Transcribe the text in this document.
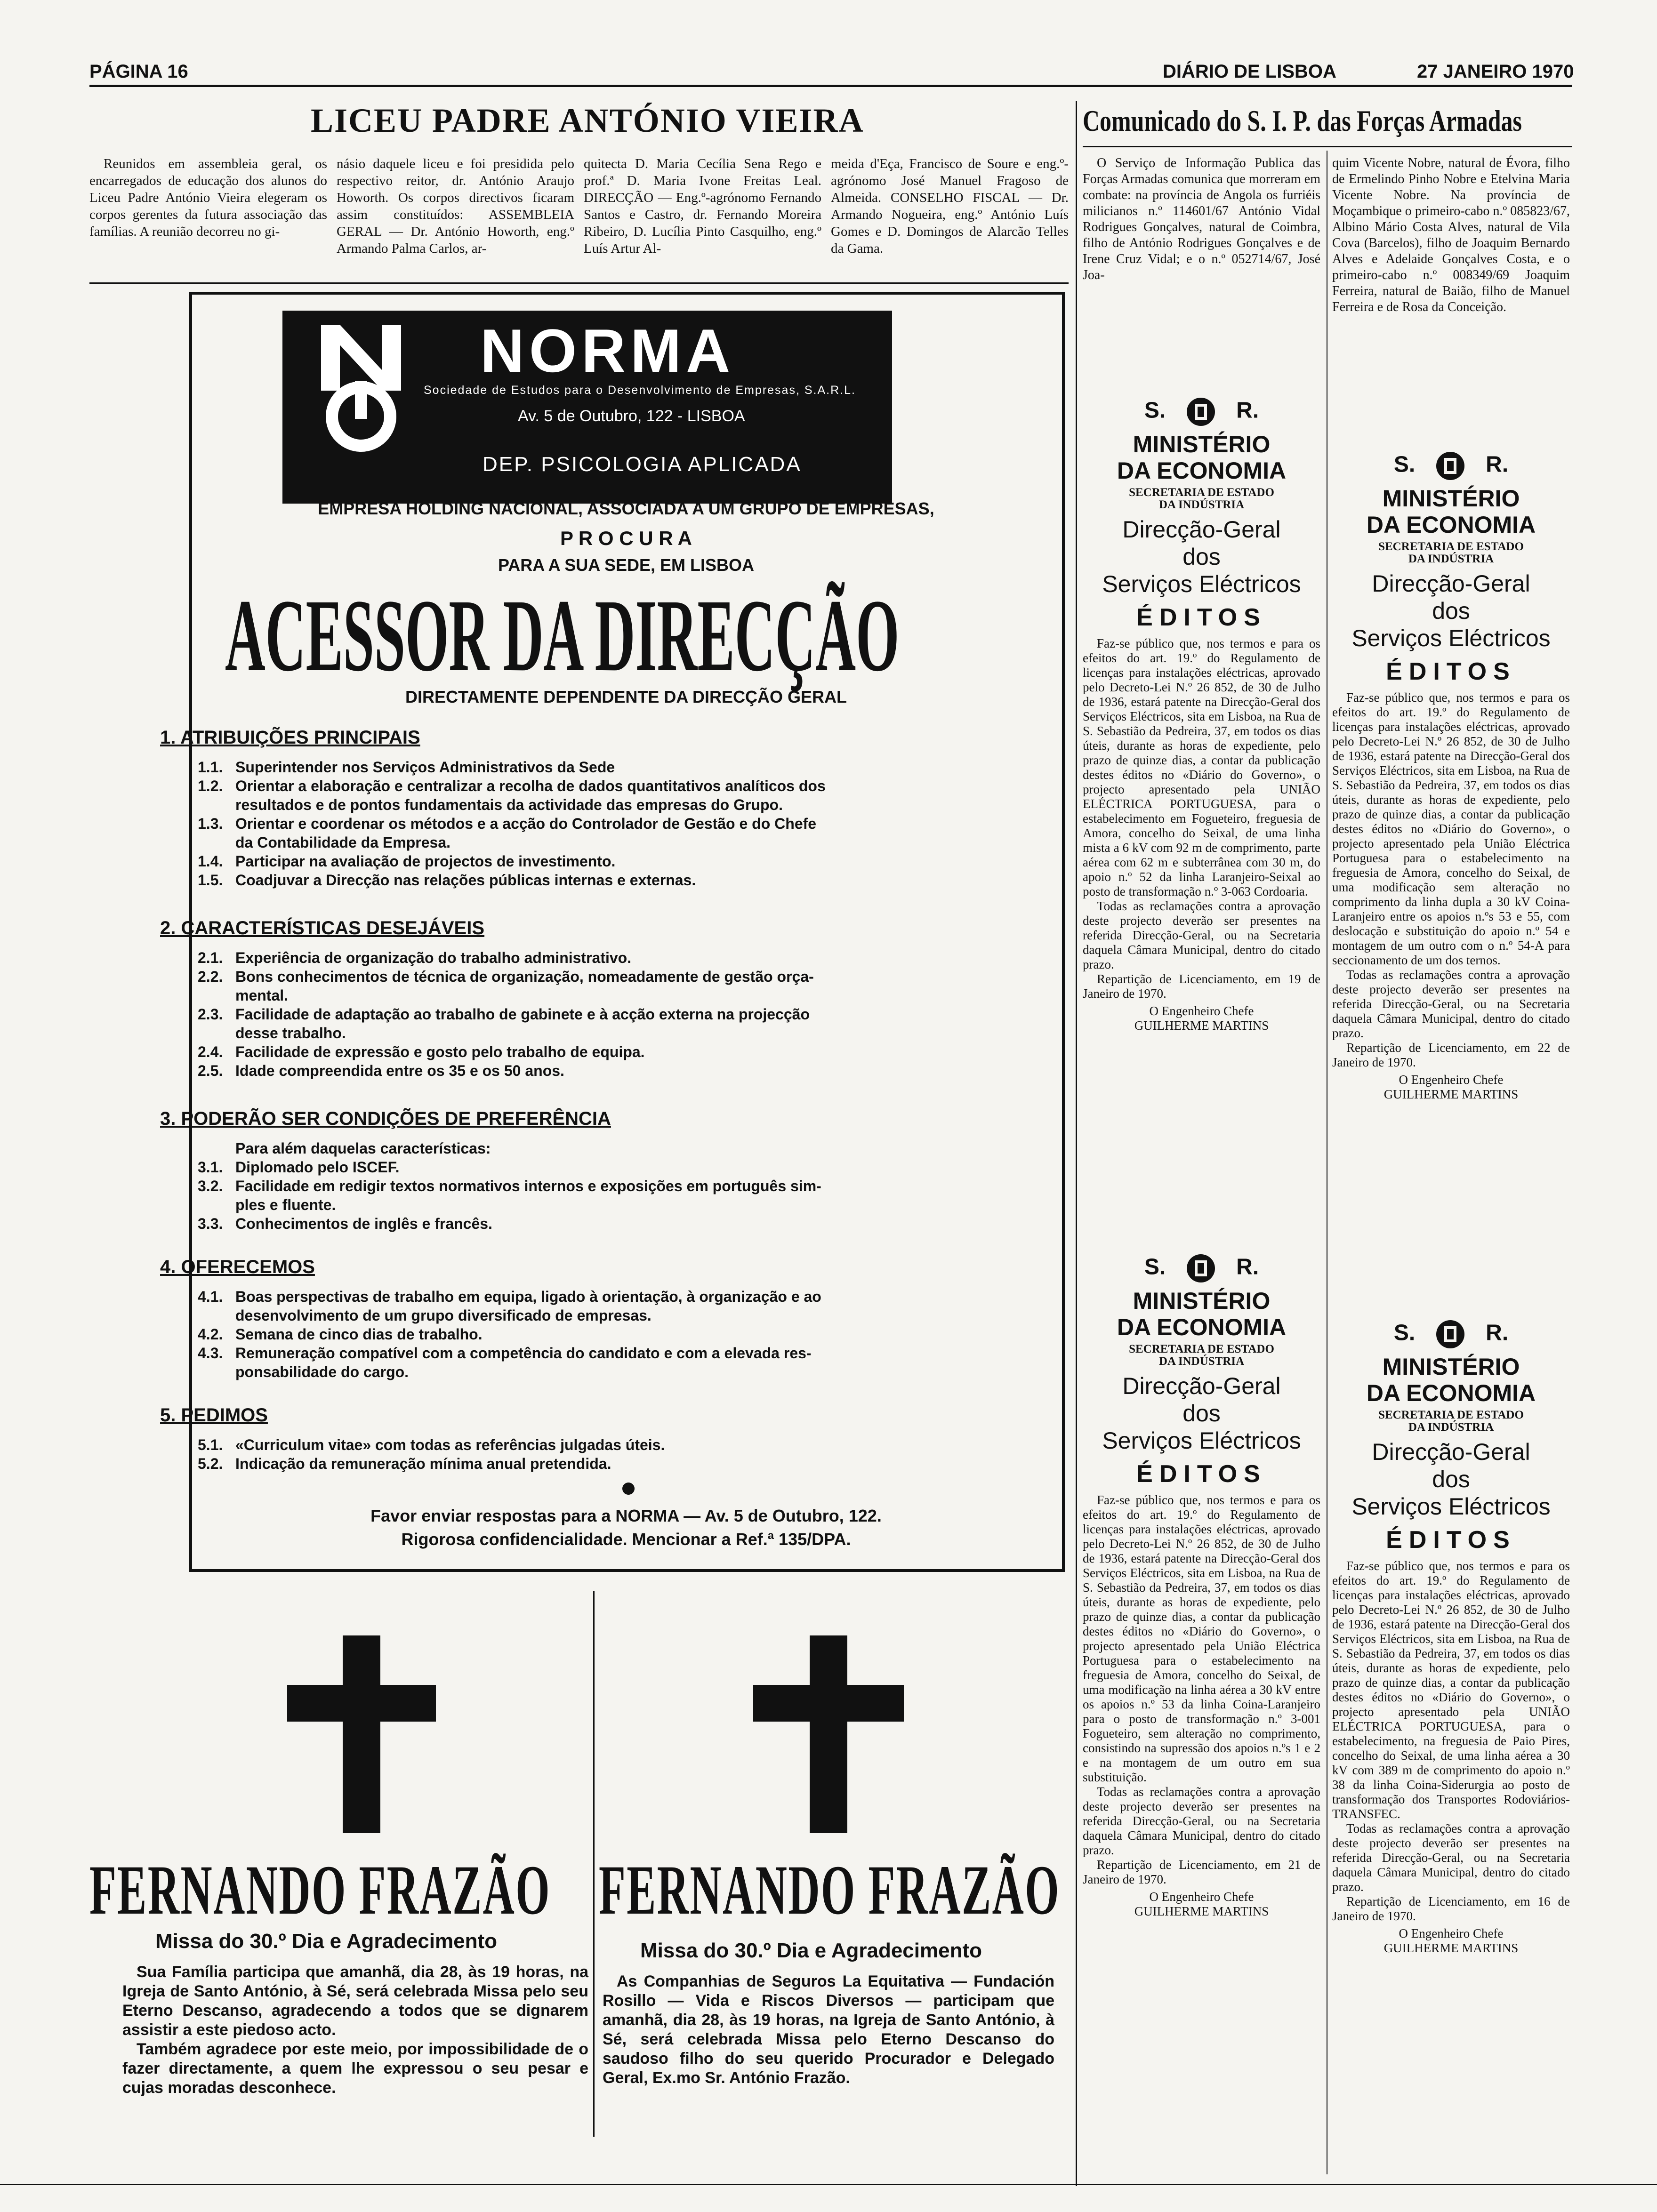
PÁGINA 16	DIÁRIO DE LISBOA	27 JANEIRO 1970
LICEU PADRE ANTÓNIO VIEIRA

Reunidos em assembleia geral, os encarregados de educação dos alunos do Liceu Padre António Vieira elegeram os corpos gerentes da futura associação das famílias. A reunião decorreu no gi-

násio daquele liceu e foi presidida pelo respectivo reitor, dr. António Araujo Howorth. Os corpos directivos ficaram assim constituídos: ASSEMBLEIA GERAL — Dr. António Howorth, eng.º Armando Palma Carlos, ar-

quitecta D. Maria Cecília Sena Rego e prof.ª D. Maria Ivone Freitas Leal. DIRECÇÃO — Eng.º-agrónomo Fernando Santos e Castro, dr. Fernando Moreira Ribeiro, D. Lucília Pinto Casquilho, eng.º Luís Artur Al-

meida d'Eça, Francisco de Soure e eng.º-agrónomo José Manuel Fragoso de Almeida. CONSELHO FISCAL — Dr. Armando Nogueira, eng.º António Luís Gomes e D. Domingos de Alarcão Telles da Gama.

Comunicado do S. I. P. das Forças Armadas

O Serviço de Informação Publica das Forças Armadas comunica que morreram em combate: na província de Angola os furriéis milicianos n.º 114601/67 António Vidal Rodrigues Gonçalves, natural de Coimbra, filho de António Rodrigues Gonçalves e de Irene Cruz Vidal; e o n.º 052714/67, José Joa-

quim Vicente Nobre, natural de Évora, filho de Ermelindo Pinho Nobre e Etelvina Maria Vicente Nobre. Na província de Moçambique o primeiro-cabo n.º 085823/67, Albino Mário Costa Alves, natural de Vila Cova (Barcelos), filho de Joaquim Bernardo Alves e Adelaide Gonçalves Costa, e o primeiro-cabo n.º 008349/69 Joaquim Ferreira, natural de Baião, filho de Manuel Ferreira e de Rosa da Conceição.

NORMA
Sociedade de Estudos para o Desenvolvimento de Empresas, S.A.R.L.
Av. 5 de Outubro, 122 - LISBOA
DEP. PSICOLOGIA APLICADA
EMPRESA HOLDING NACIONAL, ASSOCIADA A UM GRUPO DE EMPRESAS,
P R O C U R A
PARA A SUA SEDE, EM LISBOA
ACESSOR DA DIRECÇÃO
DIRECTAMENTE DEPENDENTE DA DIRECÇÃO GERAL
1. ATRIBUIÇÕES PRINCIPAIS
1.1. Superintender nos Serviços Administrativos da Sede
1.2. Orientar a elaboração e centralizar a recolha de dados quantitativos analíticos dos
resultados e de pontos fundamentais da actividade das empresas do Grupo.
1.3. Orientar e coordenar os métodos e a acção do Controlador de Gestão e do Chefe
da Contabilidade da Empresa.
1.4. Participar na avaliação de projectos de investimento.
1.5. Coadjuvar a Direcção nas relações públicas internas e externas.
2. CARACTERÍSTICAS DESEJÁVEIS
2.1. Experiência de organização do trabalho administrativo.
2.2. Bons conhecimentos de técnica de organização, nomeadamente de gestão orça-
mental.
2.3. Facilidade de adaptação ao trabalho de gabinete e à acção externa na projecção
desse trabalho.
2.4. Facilidade de expressão e gosto pelo trabalho de equipa.
2.5. Idade compreendida entre os 35 e os 50 anos.
3. PODERÃO SER CONDIÇÕES DE PREFERÊNCIA
Para além daquelas características:
3.1. Diplomado pelo ISCEF.
3.2. Facilidade em redigir textos normativos internos e exposições em português sim-
ples e fluente.
3.3. Conhecimentos de inglês e francês.
4. OFERECEMOS
4.1. Boas perspectivas de trabalho em equipa, ligado à orientação, à organização e ao
desenvolvimento de um grupo diversificado de empresas.
4.2. Semana de cinco dias de trabalho.
4.3. Remuneração compatível com a competência do candidato e com a elevada res-
ponsabilidade do cargo.
5. PEDIMOS
5.1. «Curriculum vitae» com todas as referências julgadas úteis.
5.2. Indicação da remuneração mínima anual pretendida.
Favor enviar respostas para a NORMA — Av. 5 de Outubro, 122.
Rigorosa confidencialidade. Mencionar a Ref.ª 135/DPA.
FERNANDO FRAZÃO
Missa do 30.º Dia e Agradecimento
Sua Família participa que amanhã, dia 28, às 19 horas, na Igreja de Santo António, à Sé, será celebrada Missa pelo seu Eterno Descanso, agradecendo a todos que se dignarem assistir a este piedoso acto.
Também agradece por este meio, por impossibilidade de o fazer directamente, a quem lhe expressou o seu pesar e cujas moradas desconhece.
FERNANDO FRAZÃO
Missa do 30.º Dia e Agradecimento
As Companhias de Seguros La Equitativa — Fundación Rosillo — Vida e Riscos Diversos — participam que amanhã, dia 28, às 19 horas, na Igreja de Santo António, à Sé, será celebrada Missa pelo Eterno Descanso do saudoso filho do seu querido Procurador e Delegado Geral, Ex.mo Sr. António Frazão.
S.	R.
MINISTÉRIO
DA ECONOMIA
SECRETARIA DE ESTADO
DA INDÚSTRIA
Direcção-Geral
dos
Serviços Eléctricos
ÉDITOS

Faz-se público que, nos termos e para os efeitos do art. 19.º do Regulamento de licenças para instalações eléctricas, aprovado pelo Decreto-Lei N.º 26 852, de 30 de Julho de 1936, estará patente na Direcção-Geral dos Serviços Eléctricos, sita em Lisboa, na Rua de S. Sebastião da Pedreira, 37, em todos os dias úteis, durante as horas de expediente, pelo prazo de quinze dias, a contar da publicação destes éditos no «Diário do Governo», o projecto apresentado pela UNIÃO ELÉCTRICA PORTUGUESA, para o estabelecimento em Fogueteiro, freguesia de Amora, concelho do Seixal, de uma linha mista a 6 kV com 92 m de comprimento, parte aérea com 62 m e subterrânea com 30 m, do apoio n.º 52 da linha Laranjeiro-Seixal ao posto de transformação n.º 3-063 Cordoaria.

Todas as reclamações contra a aprovação deste projecto deverão ser presentes na referida Direcção-Geral, ou na Secretaria daquela Câmara Municipal, dentro do citado prazo.

Repartição de Licenciamento, em 19 de Janeiro de 1970.

O Engenheiro Chefe
GUILHERME MARTINS
S.	R.
MINISTÉRIO
DA ECONOMIA
SECRETARIA DE ESTADO
DA INDÚSTRIA
Direcção-Geral
dos
Serviços Eléctricos
ÉDITOS

Faz-se público que, nos termos e para os efeitos do art. 19.º do Regulamento de licenças para instalações eléctricas, aprovado pelo Decreto-Lei N.º 26 852, de 30 de Julho de 1936, estará patente na Direcção-Geral dos Serviços Eléctricos, sita em Lisboa, na Rua de S. Sebastião da Pedreira, 37, em todos os dias úteis, durante as horas de expediente, pelo prazo de quinze dias, a contar da publicação destes éditos no «Diário do Governo», o projecto apresentado pela União Eléctrica Portuguesa para o estabelecimento na freguesia de Amora, concelho do Seixal, de uma modificação sem alteração no comprimento da linha dupla a 30 kV Coina-Laranjeiro entre os apoios n.ºs 53 e 55, com deslocação e substituição do apoio n.º 54 e montagem de um outro com o n.º 54-A para seccionamento de um dos ternos.

Todas as reclamações contra a aprovação deste projecto deverão ser presentes na referida Direcção-Geral, ou na Secretaria daquela Câmara Municipal, dentro do citado prazo.

Repartição de Licenciamento, em 22 de Janeiro de 1970.

O Engenheiro Chefe
GUILHERME MARTINS
S.	R.
MINISTÉRIO
DA ECONOMIA
SECRETARIA DE ESTADO
DA INDÚSTRIA
Direcção-Geral
dos
Serviços Eléctricos
ÉDITOS

Faz-se público que, nos termos e para os efeitos do art. 19.º do Regulamento de licenças para instalações eléctricas, aprovado pelo Decreto-Lei N.º 26 852, de 30 de Julho de 1936, estará patente na Direcção-Geral dos Serviços Eléctricos, sita em Lisboa, na Rua de S. Sebastião da Pedreira, 37, em todos os dias úteis, durante as horas de expediente, pelo prazo de quinze dias, a contar da publicação destes éditos no «Diário do Governo», o projecto apresentado pela União Eléctrica Portuguesa para o estabelecimento na freguesia de Amora, concelho do Seixal, de uma modificação na linha aérea a 30 kV entre os apoios n.º 53 da linha Coina-Laranjeiro para o posto de transformação n.º 3-001 Fogueteiro, sem alteração no comprimento, consistindo na supressão dos apoios n.ºs 1 e 2 e na montagem de um outro em sua substituição.

Todas as reclamações contra a aprovação deste projecto deverão ser presentes na referida Direcção-Geral, ou na Secretaria daquela Câmara Municipal, dentro do citado prazo.

Repartição de Licenciamento, em 21 de Janeiro de 1970.

O Engenheiro Chefe
GUILHERME MARTINS
S.	R.
MINISTÉRIO
DA ECONOMIA
SECRETARIA DE ESTADO
DA INDÚSTRIA
Direcção-Geral
dos
Serviços Eléctricos
ÉDITOS

Faz-se público que, nos termos e para os efeitos do art. 19.º do Regulamento de licenças para instalações eléctricas, aprovado pelo Decreto-Lei N.º 26 852, de 30 de Julho de 1936, estará patente na Direcção-Geral dos Serviços Eléctricos, sita em Lisboa, na Rua de S. Sebastião da Pedreira, 37, em todos os dias úteis, durante as horas de expediente, pelo prazo de quinze dias, a contar da publicação destes éditos no «Diário do Governo», o projecto apresentado pela UNIÃO ELÉCTRICA PORTUGUESA, para o estabelecimento, na freguesia de Paio Pires, concelho do Seixal, de uma linha aérea a 30 kV com 389 m de comprimento do apoio n.º 38 da linha Coina-Siderurgia ao posto de transformação dos Transportes Rodoviários-TRANSFEC.

Todas as reclamações contra a aprovação deste projecto deverão ser presentes na referida Direcção-Geral, ou na Secretaria daquela Câmara Municipal, dentro do citado prazo.

Repartição de Licenciamento, em 16 de Janeiro de 1970.

O Engenheiro Chefe
GUILHERME MARTINS
